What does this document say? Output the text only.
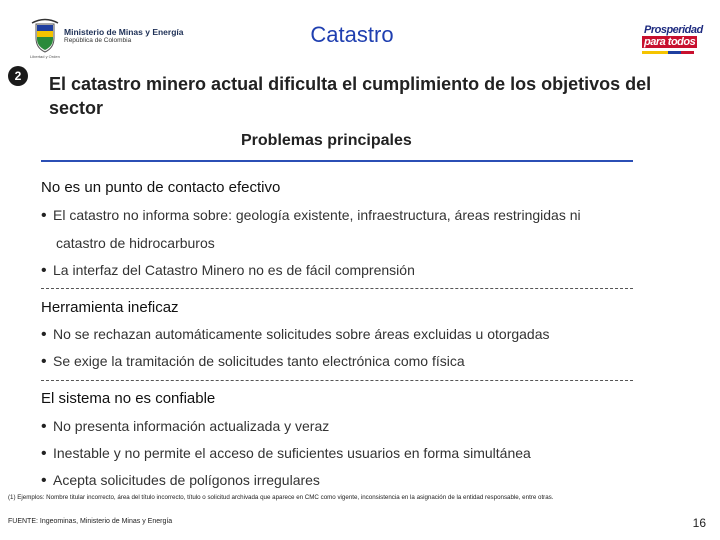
Ministerio de Minas y Energía
República de Colombia
Libertad y Orden
Catastro	Prosperidad
para todos
2	El catastro minero actual dificulta el cumplimiento de los objetivos del sector
Problemas principales
No es un punto de contacto efectivo
• El catastro no informa sobre: geología existente, infraestructura, áreas restringidas ni
catastro de hidrocarburos
• La interfaz del Catastro Minero no es de fácil comprensión
Herramienta ineficaz
• No se rechazan automáticamente solicitudes sobre áreas excluidas u otorgadas
• Se exige la tramitación de solicitudes tanto electrónica como física
El sistema no es confiable
• No presenta información actualizada y veraz
• Inestable y no permite el acceso de suficientes usuarios en forma simultánea
• Acepta solicitudes de polígonos irregulares
(1) Ejemplos: Nombre titular incorrecto, área del título incorrecto, título o solicitud archivada que aparece en CMC como vigente, inconsistencia en la asignación de la entidad responsable, entre otras.
FUENTE: Ingeominas, Ministerio de Minas y Energía	16
